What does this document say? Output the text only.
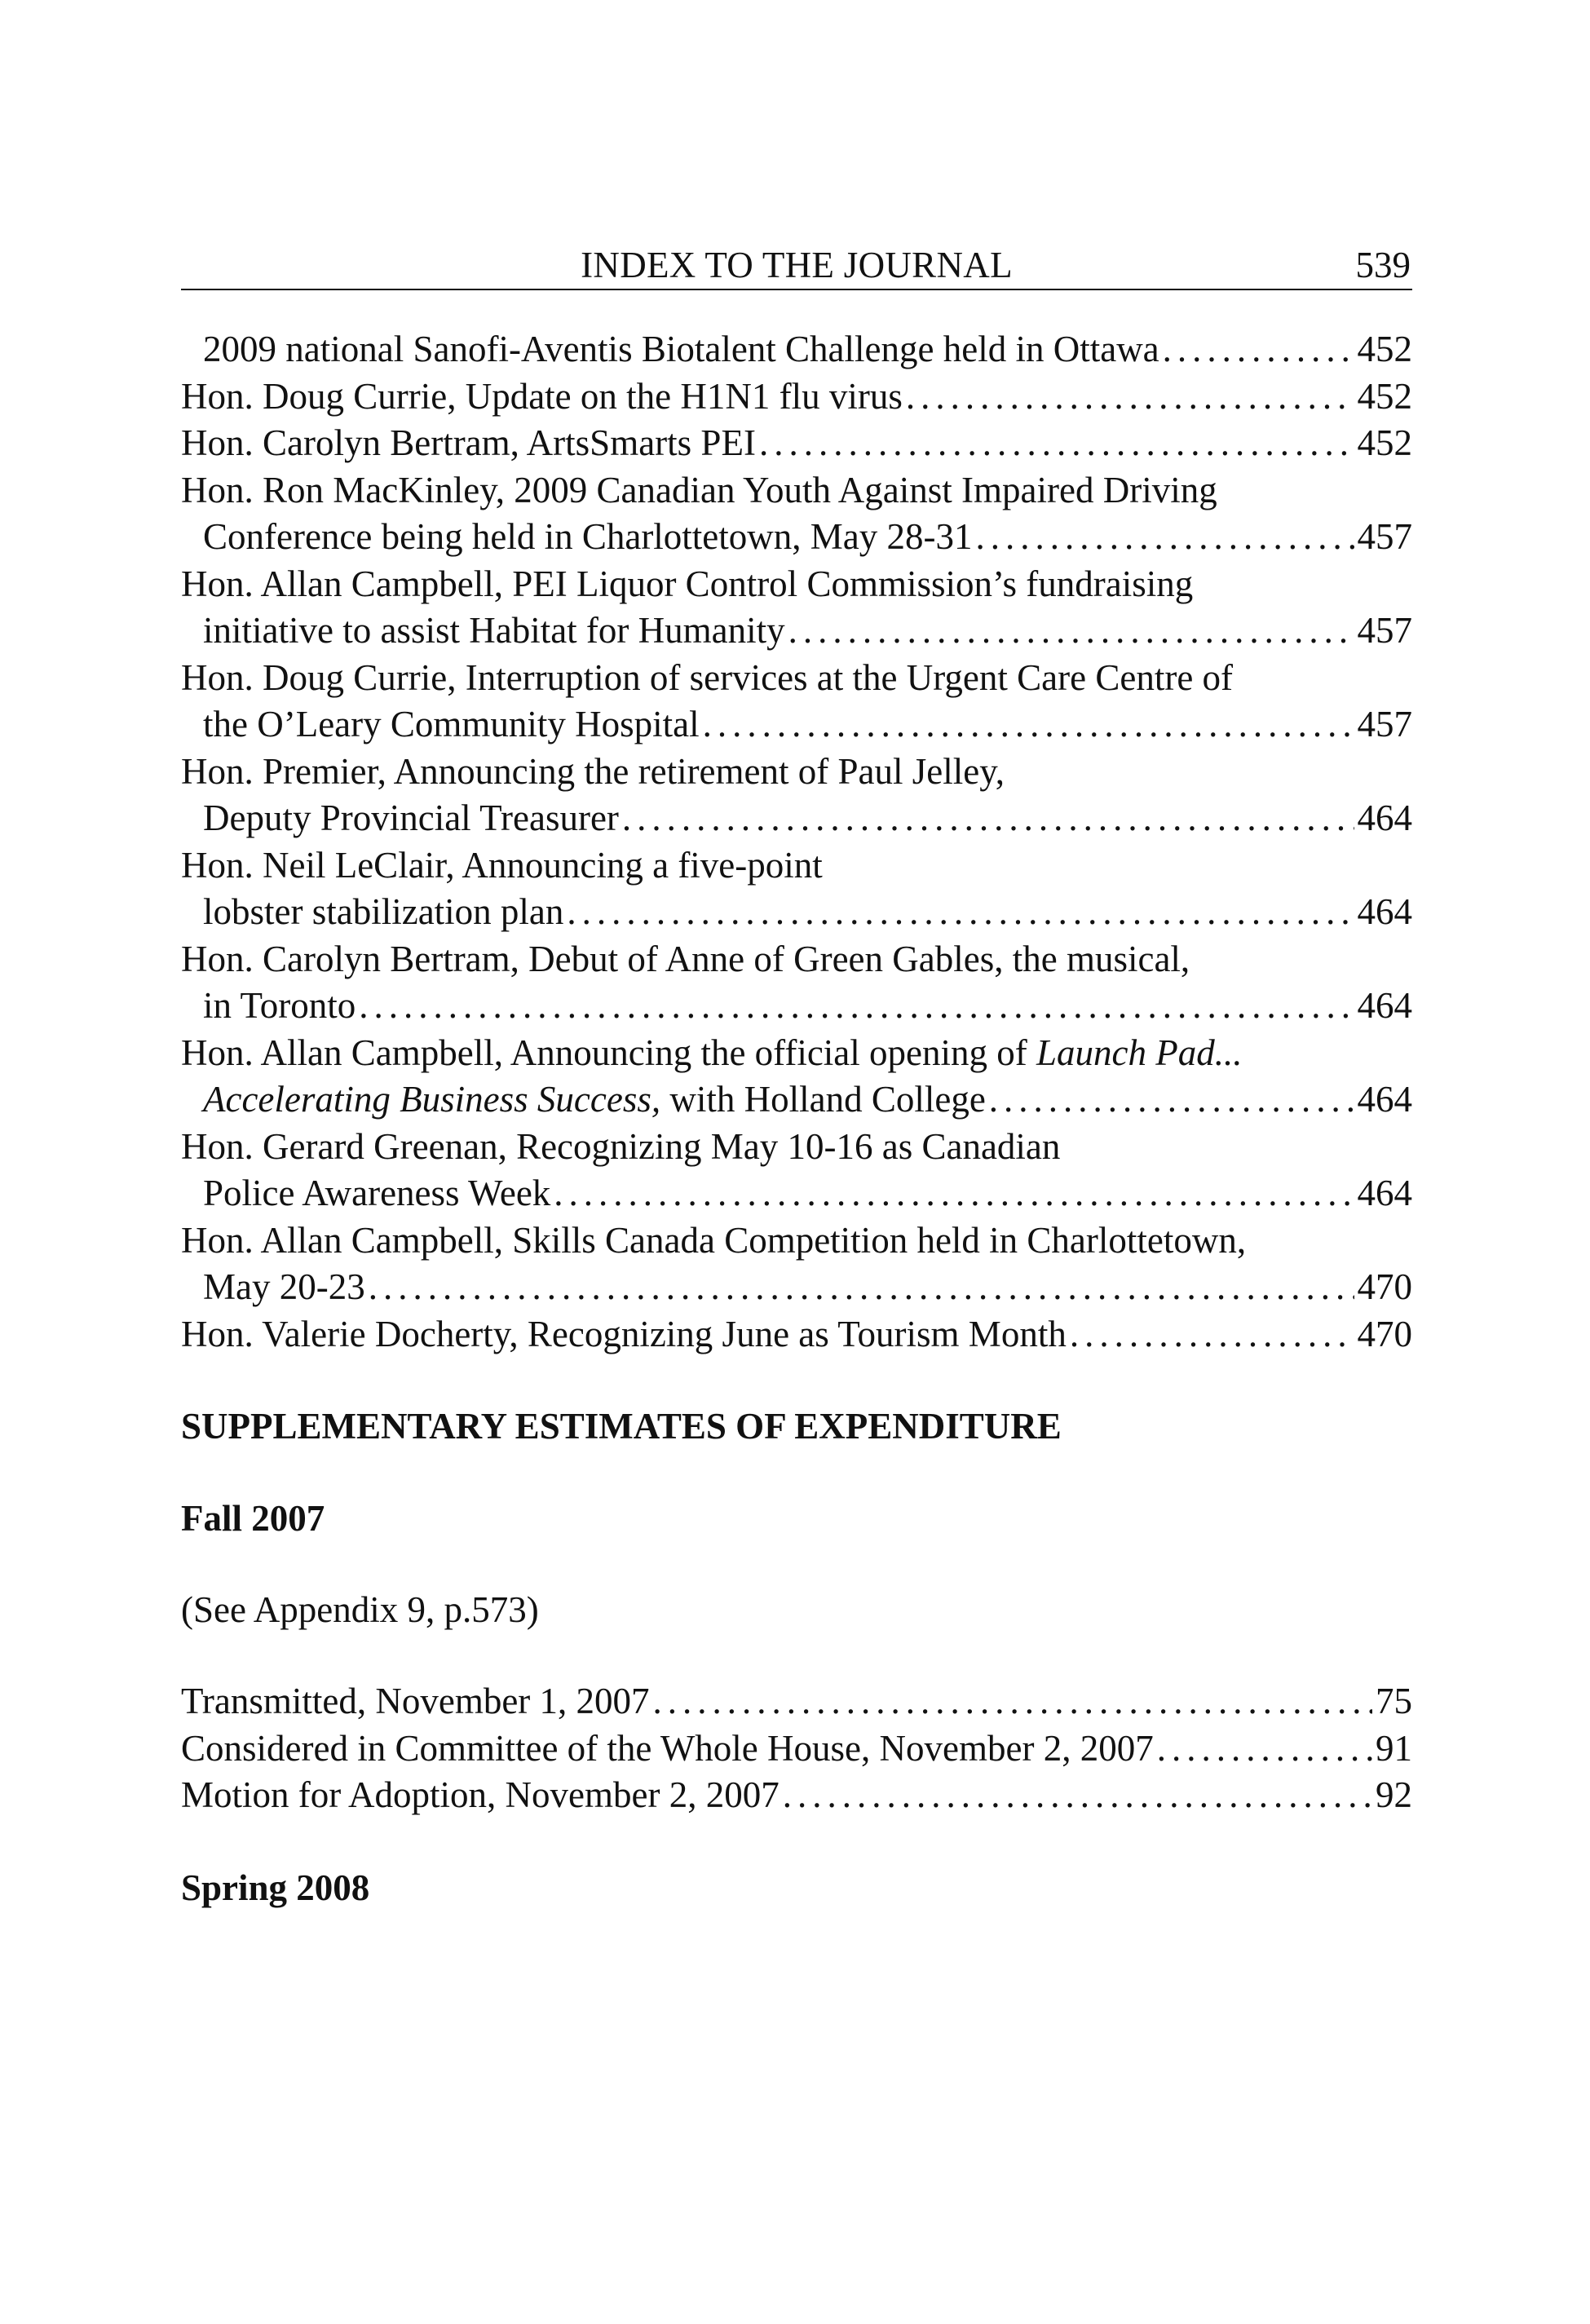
INDEX TO THE JOURNAL	539
2009 national Sanofi-Aventis Biotalent Challenge held in Ottawa .....	452
Hon. Doug Currie, Update on the H1N1 flu virus .....	452
Hon. Carolyn Bertram, ArtsSmarts PEI .....	452
Hon. Ron MacKinley, 2009 Canadian Youth Against Impaired Driving
Conference being held in Charlottetown, May 28-31 .....	457
Hon. Allan Campbell, PEI Liquor Control Commission’s fundraising
initiative to assist Habitat for Humanity .....	457
Hon. Doug Currie, Interruption of services at the Urgent Care Centre of
the O’Leary Community Hospital .....	457
Hon. Premier, Announcing the retirement of Paul Jelley,
Deputy Provincial Treasurer .....	464
Hon. Neil LeClair, Announcing a five-point
lobster stabilization plan .....	464
Hon. Carolyn Bertram, Debut of Anne of Green Gables, the musical,
in Toronto .....	464
Hon. Allan Campbell, Announcing the official opening of Launch Pad...
Accelerating Business Success, with Holland College .....	464
Hon. Gerard Greenan, Recognizing May 10-16 as Canadian
Police Awareness Week .....	464
Hon. Allan Campbell, Skills Canada Competition held in Charlottetown,
May 20-23 .....	470
Hon. Valerie Docherty, Recognizing June as Tourism Month .....	470
SUPPLEMENTARY ESTIMATES OF EXPENDITURE
Fall 2007
(See Appendix 9, p.573)
Transmitted, November 1, 2007 .....	75
Considered in Committee of the Whole House, November 2, 2007 .....	91
Motion for Adoption, November 2, 2007 .....	92
Spring 2008
